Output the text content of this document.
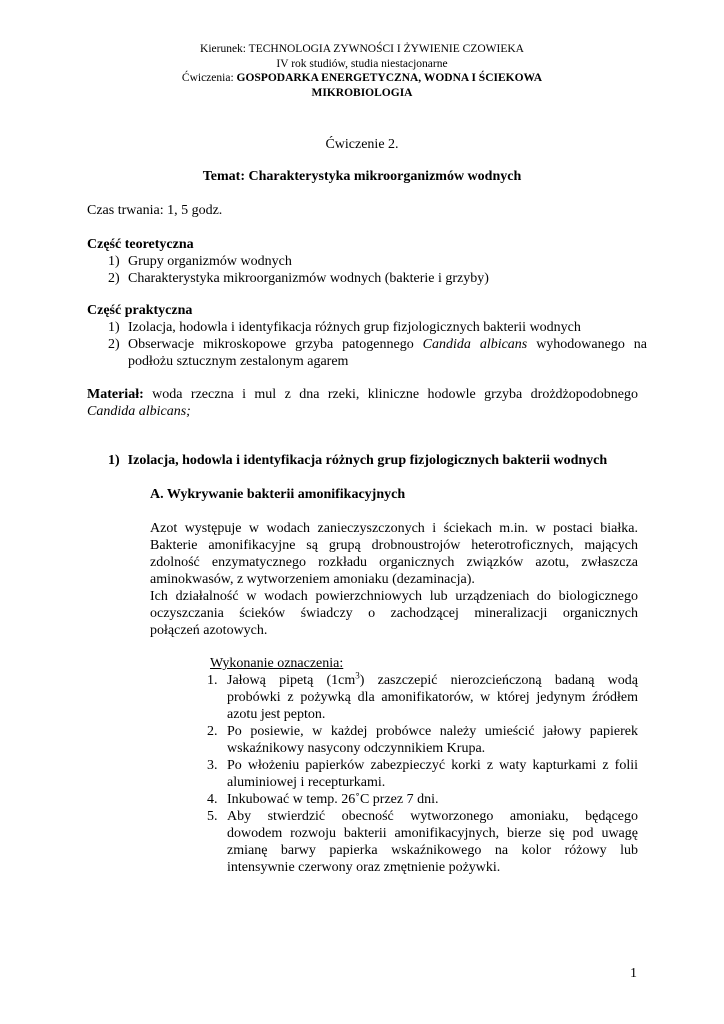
Kierunek: TECHNOLOGIA ZYWNOŚCI I ŻYWIENIE CZOWIEKA
IV rok studiów, studia niestacjonarne
Ćwiczenia: GOSPODARKA ENERGETYCZNA, WODNA I ŚCIEKOWA
MIKROBIOLOGIA
Ćwiczenie 2.
Temat: Charakterystyka mikroorganizmów wodnych
Czas trwania: 1, 5 godz.
Część teoretyczna
1) Grupy organizmów wodnych
2) Charakterystyka mikroorganizmów wodnych (bakterie i grzyby)
Część praktyczna
1) Izolacja, hodowla i identyfikacja różnych grup fizjologicznych bakterii wodnych
2) Obserwacje mikroskopowe grzyba patogennego Candida albicans wyhodowanego na
podłożu sztucznym zestalonym agarem
Materiał: woda rzeczna i mul z dna rzeki, kliniczne hodowle grzyba drożdżopodobnego
Candida albicans;
1) Izolacja, hodowla i identyfikacja różnych grup fizjologicznych bakterii wodnych
A. Wykrywanie bakterii amonifikacyjnych
Azot występuje w wodach zanieczyszczonych i ściekach m.in. w postaci białka.
Bakterie amonifikacyjne są grupą drobnoustrojów heterotroficznych, mających
zdolność enzymatycznego rozkładu organicznych związków azotu, zwłaszcza
aminokwasów, z wytworzeniem amoniaku (dezaminacja).
Ich działalność w wodach powierzchniowych lub urządzeniach do biologicznego
oczyszczania ścieków świadczy o zachodzącej mineralizacji organicznych
połączeń azotowych.
Wykonanie oznaczenia:
1. Jałową pipetą $(1cm^3)$ zaszczepić nierozcieńczoną badaną wodą
probówki z pożywką dla amonifikatorów, w której jedynym źródłem
azotu jest pepton.
2. Po posiewie, w każdej probówce należy umieścić jałowy papierek
wskaźnikowy nasycony odczynnikiem Krupa.
3. Po włożeniu papierków zabezpieczyć korki z waty kapturkami z folii
aluminiowej i recepturkami.
4. Inkubować w temp. 26˚C przez 7 dni.
5. Aby stwierdzić obecność wytworzonego amoniaku, będącego
dowodem rozwoju bakterii amonifikacyjnych, bierze się pod uwagę
zmianę barwy papierka wskaźnikowego na kolor różowy lub
intensywnie czerwony oraz zmętnienie pożywki.
1
